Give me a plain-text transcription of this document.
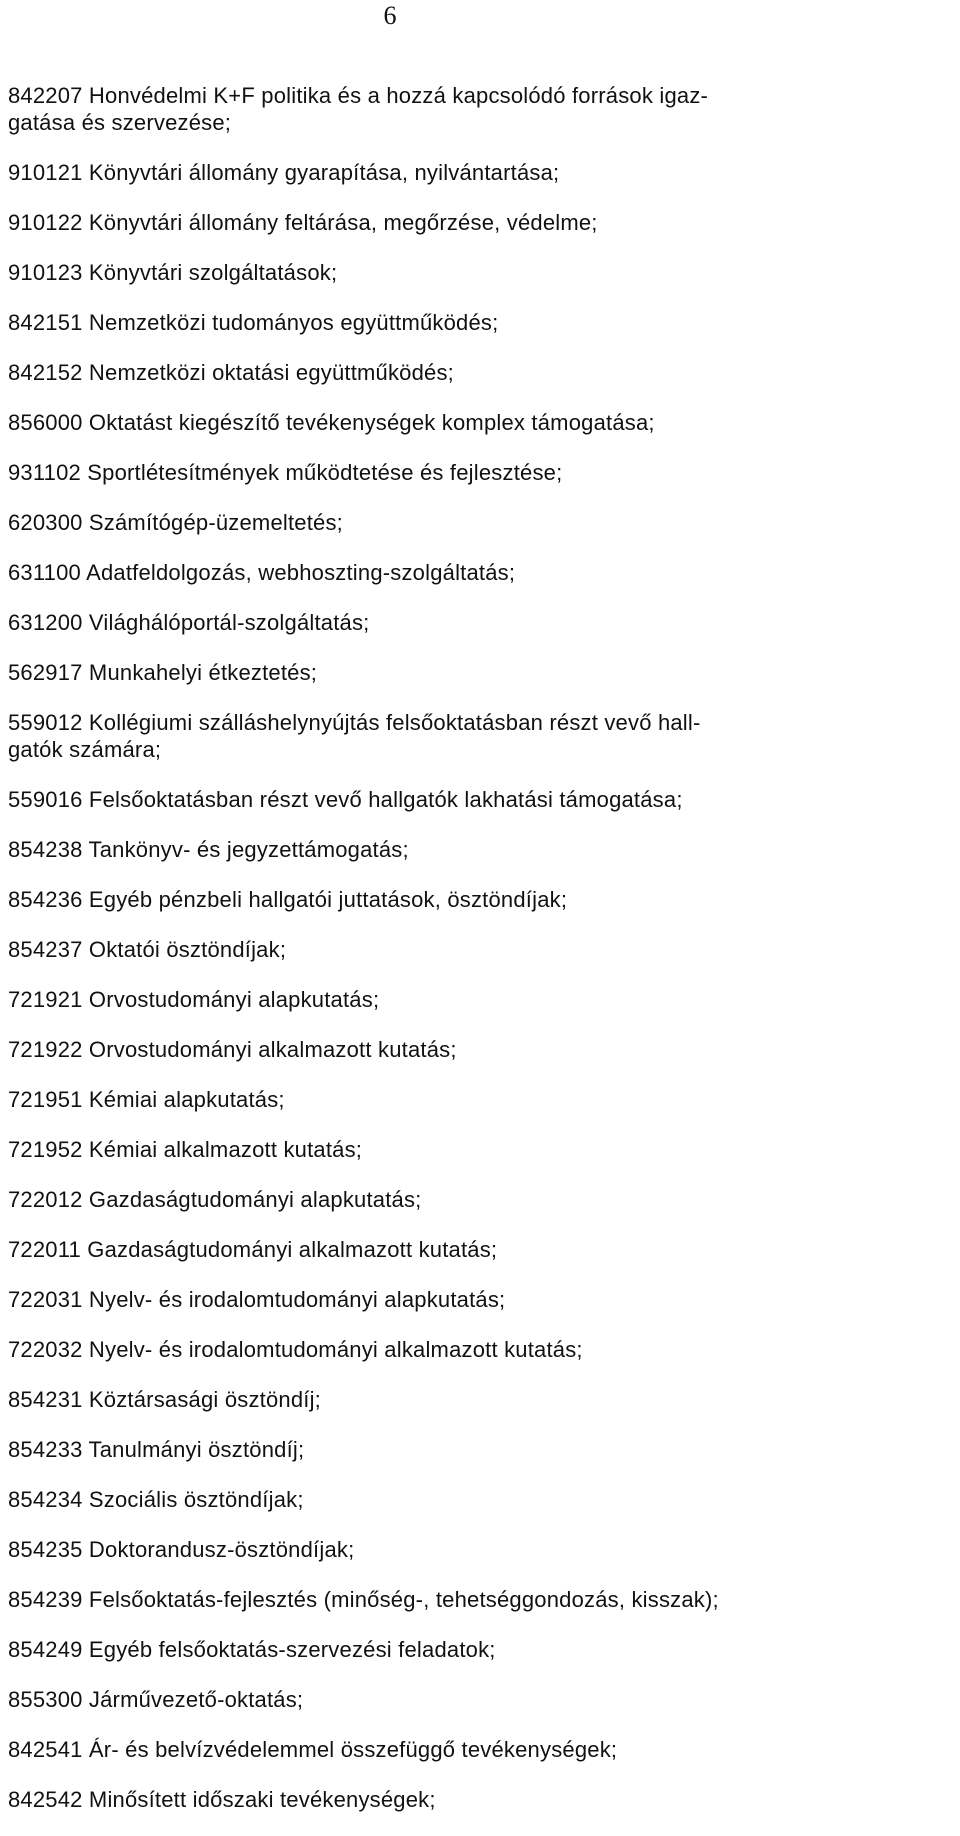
6
842207 Honvédelmi K+F politika és a hozzá kapcsolódó források igaz-
gatása és szervezése;
910121 Könyvtári állomány gyarapítása, nyilvántartása;
910122 Könyvtári állomány feltárása, megőrzése, védelme;
910123 Könyvtári szolgáltatások;
842151 Nemzetközi tudományos együttműködés;
842152 Nemzetközi oktatási együttműködés;
856000 Oktatást kiegészítő tevékenységek komplex támogatása;
931102 Sportlétesítmények működtetése és fejlesztése;
620300 Számítógép-üzemeltetés;
631100 Adatfeldolgozás, webhoszting-szolgáltatás;
631200 Világhálóportál-szolgáltatás;
562917 Munkahelyi étkeztetés;
559012 Kollégiumi szálláshelynyújtás felsőoktatásban részt vevő hall-
gatók számára;
559016 Felsőoktatásban részt vevő hallgatók lakhatási támogatása;
854238 Tankönyv- és jegyzettámogatás;
854236 Egyéb pénzbeli hallgatói juttatások, ösztöndíjak;
854237 Oktatói ösztöndíjak;
721921 Orvostudományi alapkutatás;
721922 Orvostudományi alkalmazott kutatás;
721951 Kémiai alapkutatás;
721952 Kémiai alkalmazott kutatás;
722012 Gazdaságtudományi alapkutatás;
722011 Gazdaságtudományi alkalmazott kutatás;
722031 Nyelv- és irodalomtudományi alapkutatás;
722032 Nyelv- és irodalomtudományi alkalmazott kutatás;
854231 Köztársasági ösztöndíj;
854233 Tanulmányi ösztöndíj;
854234 Szociális ösztöndíjak;
854235 Doktorandusz-ösztöndíjak;
854239 Felsőoktatás-fejlesztés (minőség-, tehetséggondozás, kisszak);
854249 Egyéb felsőoktatás-szervezési feladatok;
855300 Járművezető-oktatás;
842541 Ár- és belvízvédelemmel összefüggő tevékenységek;
842542 Minősített időszaki tevékenységek;
